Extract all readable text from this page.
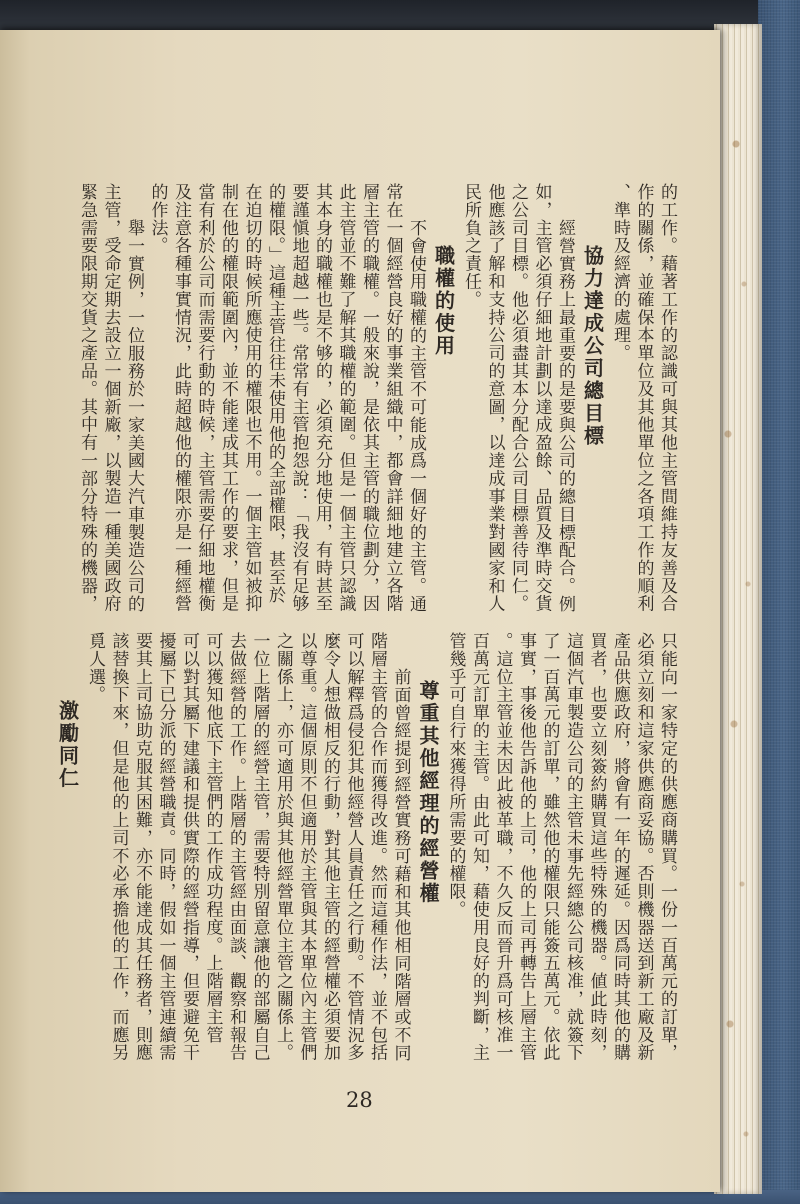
的工作。藉著工作的認識可與其他主管間維持友善及合
作的關係，並確保本單位及其他單位之各項工作的順利
、準時及經濟的處理。
協力達成公司總目標
經營實務上最重要的是要與公司的總目標配合。例
如，主管必須仔細地計劃以達成盈餘、品質及準時交貨
之公司目標。他必須盡其本分配合公司目標善待同仁。
他應該了解和支持公司的意圖，以達成事業對國家和人
民所負之責任。
職權的使用
不會使用職權的主管不可能成爲一個好的主管。通
常在一個經營良好的事業組織中，都會詳細地建立各階
層主管的職權。一般來說，是依其主管的職位劃分，因
此主管並不難了解其職權的範圍。但是一個主管只認識
其本身的職權也是不够的，必須充分地使用，有時甚至
要謹愼地超越一些。常常有主管抱怨說：「我沒有足够
的權限。」這種主管往往未使用他的全部權限，甚至於
在迫切的時候所應使用的權限也不用。一個主管如被抑
制在他的權限範圍內，並不能達成其工作的要求，但是
當有利於公司而需要行動的時候，主管需要仔細地權衡
及注意各種事實情況，此時超越他的權限亦是一種經營
的作法。
舉一實例，一位服務於一家美國大汽車製造公司的
主管，受命定期去設立一個新廠，以製造一種美國政府
緊急需要限期交貨之產品。其中有一部分特殊的機器，
只能向一家特定的供應商購買。一份一百萬元的訂單，
必須立刻和這家供應商妥協。否則機器送到新工廠及新
產品供應政府，將會有一年的遲延。因爲同時其他的購
買者，也要立刻簽約購買這些特殊的機器。値此時刻，
這個汽車製造公司的主管未事先經總公司核准，就簽下
了一百萬元的訂單，雖然他的權限只能簽五萬元。依此
事實，事後他告訴他的上司，他的上司再轉告上層主管
。這位主管並未因此被革職，不久反而晉升爲可核准一
百萬元訂單的主管。由此可知，藉使用良好的判斷，主
管幾乎可自行來獲得所需要的權限。
尊重其他經理的經營權
前面曾經提到經營實務可藉和其他相同階層或不同
階層主管的合作而獲得改進。然而這種作法，並不包括
可以解釋爲侵犯其他經營人員責任之行動。不管情況多
麼令人想做相反的行動，對其他主管的經營權必須要加
以尊重。這個原則不但適用於主管與其本單位內主管們
之關係上，亦可適用於與其他經營單位主管之關係上。
一位上階層的經營主管，需要特別留意讓他的部屬自己
去做經營的工作。上階層的主管經由面談、觀察和報告
可以獲知他底下主管們的工作成功程度。上階層主管
可以對其屬下建議和提供實際的經營指導，但要避免干
擾屬下已分派的經營職責。同時，假如一個主管連續需
要其上司協助克服其困難，亦不能達成其任務者，則應
該替換下來，但是他的上司不必承擔他的工作，而應另
覓人選。
激勵同仁
28
